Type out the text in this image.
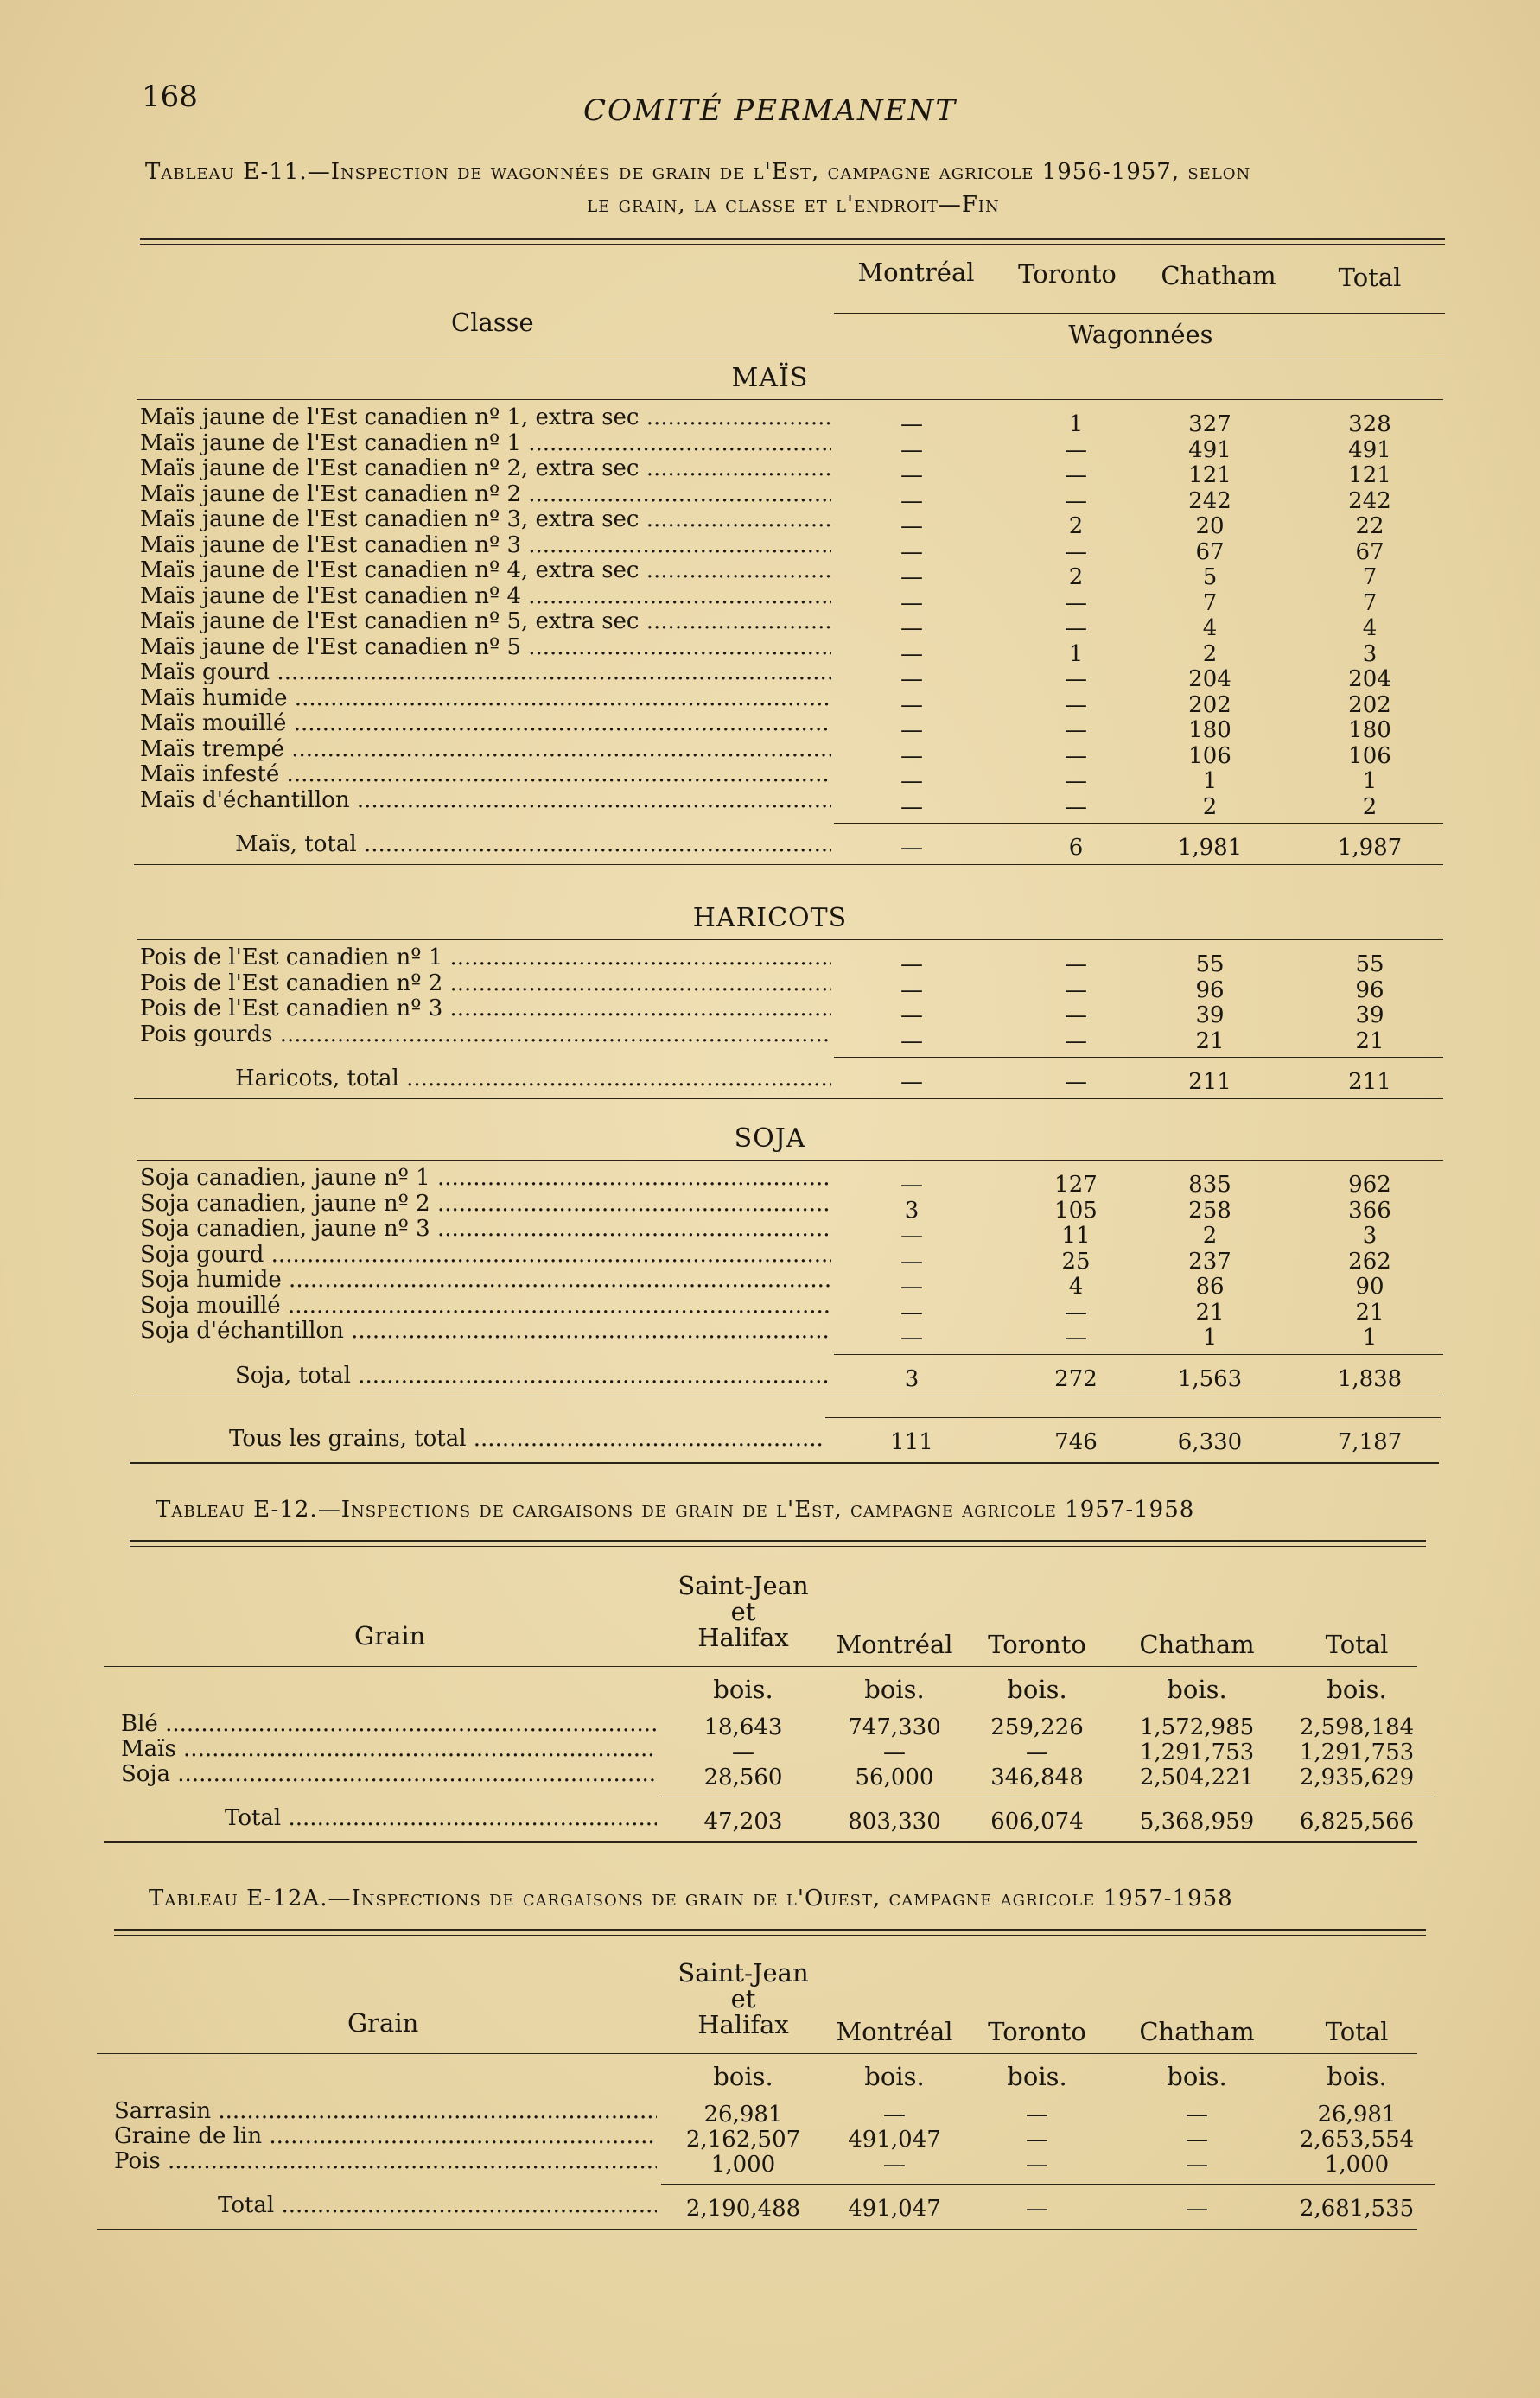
168	COMITÉ PERMANENT
Tableau E-11.—Inspection de wagonnées de grain de l'Est, campagne agricole 1956-1957, selon
le grain, la classe et l'endroit—Fin
Classe
Montréal	Toronto	Chatham	Total
Wagonnées
MAÏS
Maïs jaune de l'Est canadien nº 1, extra sec .....	—	1	327	328
Maïs jaune de l'Est canadien nº 1 .....	—	—	491	491
Maïs jaune de l'Est canadien nº 2, extra sec .....	—	—	121	121
Maïs jaune de l'Est canadien nº 2 .....	—	—	242	242
Maïs jaune de l'Est canadien nº 3, extra sec .....	—	2	20	22
Maïs jaune de l'Est canadien nº 3 .....	—	—	67	67
Maïs jaune de l'Est canadien nº 4, extra sec .....	—	2	5	7
Maïs jaune de l'Est canadien nº 4 .....	—	—	7	7
Maïs jaune de l'Est canadien nº 5, extra sec .....	—	—	4	4
Maïs jaune de l'Est canadien nº 5 .....	—	1	2	3
Maïs gourd .....	—	—	204	204
Maïs humide .....	—	—	202	202
Maïs mouillé .....	—	—	180	180
Maïs trempé .....	—	—	106	106
Maïs infesté .....	—	—	1	1
Maïs d'échantillon .....	—	—	2	2
Maïs, total .....	—	6	1,981	1,987
HARICOTS
Pois de l'Est canadien nº 1 .....	—	—	55	55
Pois de l'Est canadien nº 2 .....	—	—	96	96
Pois de l'Est canadien nº 3 .....	—	—	39	39
Pois gourds .....	—	—	21	21
Haricots, total .....	—	—	211	211
SOJA
Soja canadien, jaune nº 1 .....	—	127	835	962
Soja canadien, jaune nº 2 .....	3	105	258	366
Soja canadien, jaune nº 3 .....	—	11	2	3
Soja gourd .....	—	25	237	262
Soja humide .....	—	4	86	90
Soja mouillé .....	—	—	21	21
Soja d'échantillon .....	—	—	1	1
Soja, total .....	3	272	1,563	1,838
Tous les grains, total .....	111	746	6,330	7,187
Tableau E-12.—Inspections de cargaisons de grain de l'Est, campagne agricole 1957-1958
Grain
Saint-Jean
et
Halifax	Montréal	Toronto	Chatham	Total
bois.	bois.	bois.	bois.	bois.
Blé .....	18,643	747,330	259,226	1,572,985	2,598,184
Maïs .....	—	—	—	1,291,753	1,291,753
Soja .....	28,560	56,000	346,848	2,504,221	2,935,629
Total .....	47,203	803,330	606,074	5,368,959	6,825,566
Tableau E-12A.—Inspections de cargaisons de grain de l'Ouest, campagne agricole 1957-1958
Grain
Saint-Jean
et
Halifax	Montréal	Toronto	Chatham	Total
bois.	bois.	bois.	bois.	bois.
Sarrasin .....	26,981	—	—	—	26,981
Graine de lin .....	2,162,507	491,047	—	—	2,653,554
Pois .....	1,000	—	—	—	1,000
Total .....	2,190,488	491,047	—	—	2,681,535
